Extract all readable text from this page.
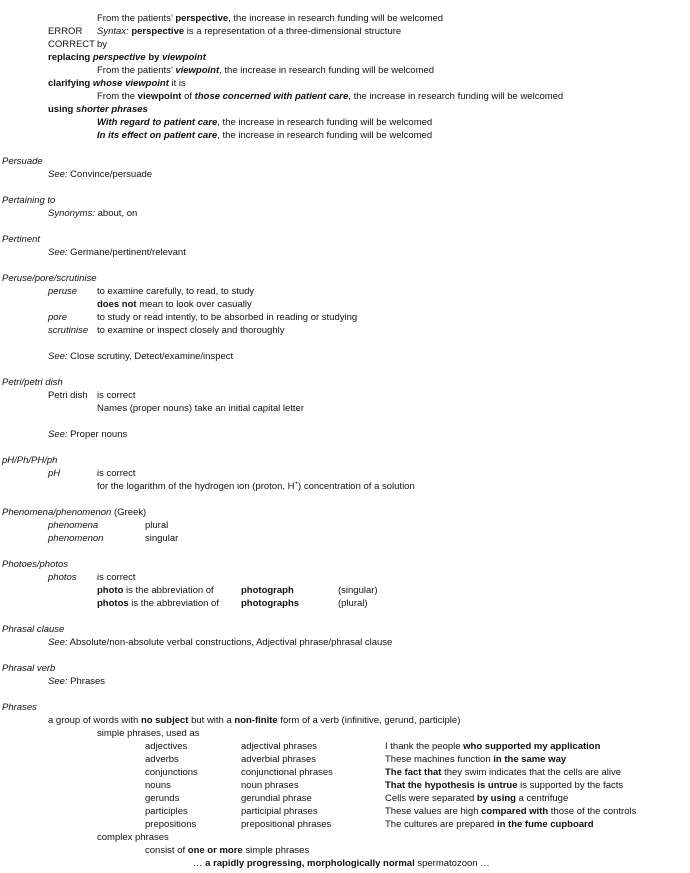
From the patients’ perspective, the increase in research funding will be welcomed
ERROR Syntax: perspective is a representation of a three-dimensional structure
CORRECT by
replacing perspective by viewpoint
From the patients’ viewpoint, the increase in research funding will be welcomed
clarifying whose viewpoint it is
From the viewpoint of those concerned with patient care, the increase in research funding will be welcomed
using shorter phrases
With regard to patient care, the increase in research funding will be welcomed
In its effect on patient care, the increase in research funding will be welcomed
Persuade
See: Convince/persuade
Pertaining to
Synonyms: about, on
Pertinent
See: Germane/pertinent/relevant
Peruse/pore/scrutinise
peruse to examine carefully, to read, to study
does not mean to look over casually
pore	to study or read intently, to be absorbed in reading or studying
scrutinise to examine or inspect closely and thoroughly
See: Close scrutiny, Detect/examine/inspect
Petri/petri dish
Petri dish is correct
Names (proper nouns) take an initial capital letter
See: Proper nouns
pH/Ph/PH/ph
pH	is correct
for the logarithm of the hydrogen ion (proton, H+) concentration of a solution
Phenomena/phenomenon (Greek)
phenomena	plural
phenomenon	singular
Photoes/photos
photos is correct
photo is the abbreviation of	photograph	(singular)
photos is the abbreviation of photographs	(plural)
Phrasal clause
See: Absolute/non-absolute verbal constructions, Adjectival phrase/phrasal clause
Phrasal verb
See: Phrases
Phrases
a group of words with no subject but with a non-finite form of a verb (infinitive, gerund, participle)
simple phrases, used as
adjectives	adjectival phrases	I thank the people who supported my application
adverbs	adverbial phrases	These machines function in the same way
conjunctions	conjunctional phrases	The fact that they swim indicates that the cells are alive
nouns	noun phrases	That the hypothesis is untrue is supported by the facts
gerunds	gerundial phrase	Cells were separated by using a centrifuge
participles	participial phrases	These values are high compared with those of the controls
prepositions	prepositional phrases	The cultures are prepared in the fume cupboard
complex phrases
consist of one or more simple phrases
… a rapidly progressing, morphologically normal spermatozoon …
